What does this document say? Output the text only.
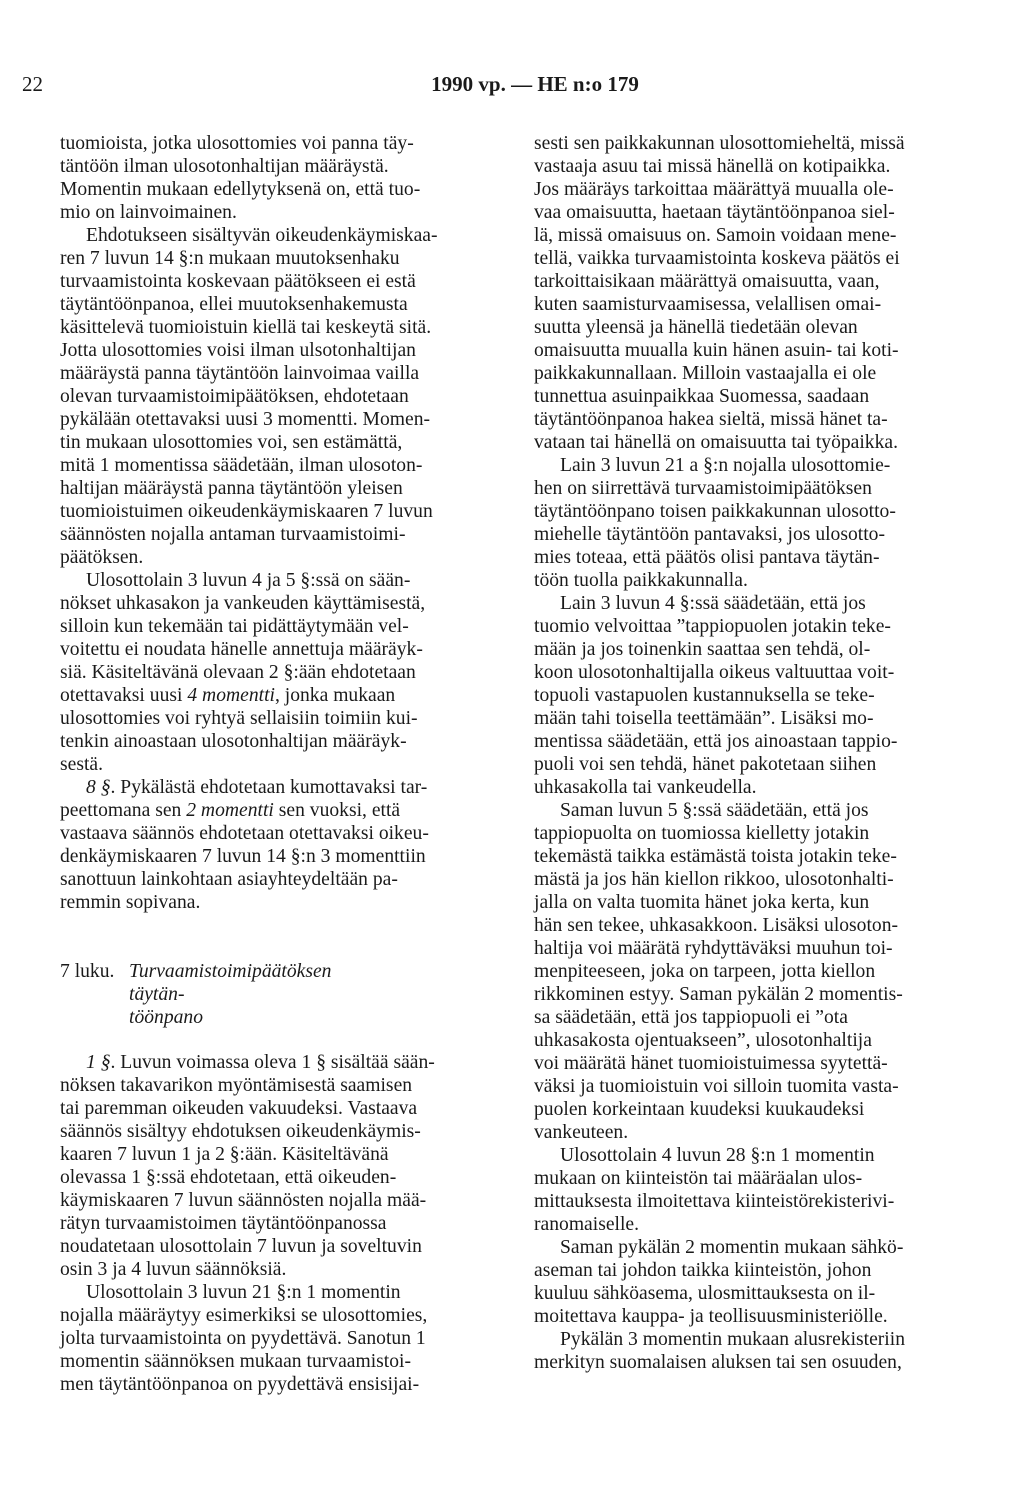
22	1990 vp. — HE n:o 179

tuomioista, jotka ulosottomies voi panna täy-
täntöön ilman ulosotonhaltijan määräystä.
Momentin mukaan edellytyksenä on, että tuo-
mio on lainvoimainen.

Ehdotukseen sisältyvän oikeudenkäymiskaa-
ren 7 luvun 14 §:n mukaan muutoksenhaku
turvaamistointa koskevaan päätökseen ei estä
täytäntöönpanoa, ellei muutoksenhakemusta
käsittelevä tuomioistuin kiellä tai keskeytä sitä.
Jotta ulosottomies voisi ilman ulsotonhaltijan
määräystä panna täytäntöön lainvoimaa vailla
olevan turvaamistoimipäätöksen, ehdotetaan
pykälään otettavaksi uusi 3 momentti. Momen-
tin mukaan ulosottomies voi, sen estämättä,
mitä 1 momentissa säädetään, ilman ulosoton-
haltijan määräystä panna täytäntöön yleisen
tuomioistuimen oikeudenkäymiskaaren 7 luvun
säännösten nojalla antaman turvaamistoimi-
päätöksen.

Ulosottolain 3 luvun 4 ja 5 §:ssä on sään-
nökset uhkasakon ja vankeuden käyttämisestä,
silloin kun tekemään tai pidättäytymään vel-
voitettu ei noudata hänelle annettuja määräyk-
siä. Käsiteltävänä olevaan 2 §:ään ehdotetaan
otettavaksi uusi 4 momentti, jonka mukaan
ulosottomies voi ryhtyä sellaisiin toimiin kui-
tenkin ainoastaan ulosotonhaltijan määräyk-
sestä.

8 §. Pykälästä ehdotetaan kumottavaksi tar-
peettomana sen 2 momentti sen vuoksi, että
vastaava säännös ehdotetaan otettavaksi oikeu-
denkäymiskaaren 7 luvun 14 §:n 3 momenttiin
sanottuun lainkohtaan asiayhteydeltään pa-
remmin sopivana.

7 luku. Turvaamistoimipäätöksen täytän-
töönpano

1 §. Luvun voimassa oleva 1 § sisältää sään-
nöksen takavarikon myöntämisestä saamisen
tai paremman oikeuden vakuudeksi. Vastaava
säännös sisältyy ehdotuksen oikeudenkäymis-
kaaren 7 luvun 1 ja 2 §:ään. Käsiteltävänä
olevassa 1 §:ssä ehdotetaan, että oikeuden-
käymiskaaren 7 luvun säännösten nojalla mää-
rätyn turvaamistoimen täytäntöönpanossa
noudatetaan ulosottolain 7 luvun ja soveltuvin
osin 3 ja 4 luvun säännöksiä.

Ulosottolain 3 luvun 21 §:n 1 momentin
nojalla määräytyy esimerkiksi se ulosottomies,
jolta turvaamistointa on pyydettävä. Sanotun 1
momentin säännöksen mukaan turvaamistoi-
men täytäntöönpanoa on pyydettävä ensisijai-

sesti sen paikkakunnan ulosottomieheltä, missä
vastaaja asuu tai missä hänellä on kotipaikka.
Jos määräys tarkoittaa määrättyä muualla ole-
vaa omaisuutta, haetaan täytäntöönpanoa siel-
lä, missä omaisuus on. Samoin voidaan mene-
tellä, vaikka turvaamistointa koskeva päätös ei
tarkoittaisikaan määrättyä omaisuutta, vaan,
kuten saamisturvaamisessa, velallisen omai-
suutta yleensä ja hänellä tiedetään olevan
omaisuutta muualla kuin hänen asuin- tai koti-
paikkakunnallaan. Milloin vastaajalla ei ole
tunnettua asuinpaikkaa Suomessa, saadaan
täytäntöönpanoa hakea sieltä, missä hänet ta-
vataan tai hänellä on omaisuutta tai työpaikka.

Lain 3 luvun 21 a §:n nojalla ulosottomie-
hen on siirrettävä turvaamistoimipäätöksen
täytäntöönpano toisen paikkakunnan ulosotto-
miehelle täytäntöön pantavaksi, jos ulosotto-
mies toteaa, että päätös olisi pantava täytän-
töön tuolla paikkakunnalla.

Lain 3 luvun 4 §:ssä säädetään, että jos
tuomio velvoittaa ”tappiopuolen jotakin teke-
mään ja jos toinenkin saattaa sen tehdä, ol-
koon ulosotonhaltijalla oikeus valtuuttaa voit-
topuoli vastapuolen kustannuksella se teke-
mään tahi toisella teettämään”. Lisäksi mo-
mentissa säädetään, että jos ainoastaan tappio-
puoli voi sen tehdä, hänet pakotetaan siihen
uhkasakolla tai vankeudella.

Saman luvun 5 §:ssä säädetään, että jos
tappiopuolta on tuomiossa kielletty jotakin
tekemästä taikka estämästä toista jotakin teke-
mästä ja jos hän kiellon rikkoo, ulosotonhalti-
jalla on valta tuomita hänet joka kerta, kun
hän sen tekee, uhkasakkoon. Lisäksi ulosoton-
haltija voi määrätä ryhdyttäväksi muuhun toi-
menpiteeseen, joka on tarpeen, jotta kiellon
rikkominen estyy. Saman pykälän 2 momentis-
sa säädetään, että jos tappiopuoli ei ”ota
uhkasakosta ojentuakseen”, ulosotonhaltija
voi määrätä hänet tuomioistuimessa syytettä-
väksi ja tuomioistuin voi silloin tuomita vasta-
puolen korkeintaan kuudeksi kuukaudeksi
vankeuteen.

Ulosottolain 4 luvun 28 §:n 1 momentin
mukaan on kiinteistön tai määräalan ulos-
mittauksesta ilmoitettava kiinteistörekisterivi-
ranomaiselle.

Saman pykälän 2 momentin mukaan sähkö-
aseman tai johdon taikka kiinteistön, johon
kuuluu sähköasema, ulosmittauksesta on il-
moitettava kauppa- ja teollisuusministeriölle.

Pykälän 3 momentin mukaan alusrekisteriin
merkityn suomalaisen aluksen tai sen osuuden,
